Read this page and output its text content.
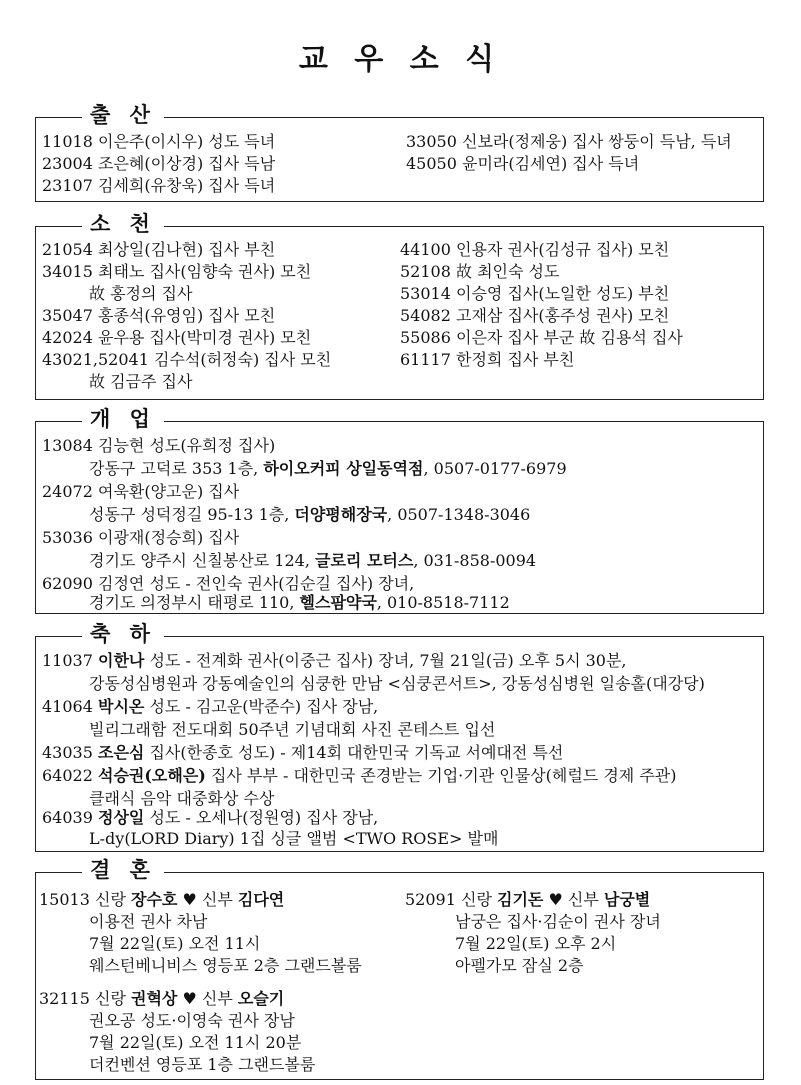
교 우 소 식
출 산
11018 이은주(이시우) 성도 득녀
23004 조은혜(이상경) 집사 득남
23107 김세희(유창욱) 집사 득녀
33050 신보라(정제웅) 집사 쌍둥이 득남, 득녀
45050 윤미라(김세연) 집사 득녀
소 천
21054 최상일(김나현) 집사 부친
34015 최태노 집사(임향숙 권사) 모친
故 홍정의 집사
35047 홍종석(유영임) 집사 모친
42024 윤우용 집사(박미경 권사) 모친
43021,52041 김수석(허정숙) 집사 모친
故 김금주 집사
44100 인용자 권사(김성규 집사) 모친
52108 故 최인숙 성도
53014 이승영 집사(노일한 성도) 부친
54082 고재삼 집사(홍주성 권사) 모친
55086 이은자 집사 부군 故 김용석 집사
61117 한정희 집사 부친
개 업
13084 김능현 성도(유희정 집사)
강동구 고덕로 353 1층, 하이오커피 상일동역점, 0507-0177-6979
24072 여욱환(양고운) 집사
성동구 성덕정길 95-13 1층, 더양평해장국, 0507-1348-3046
53036 이광재(정승희) 집사
경기도 양주시 신칠봉산로 124, 글로리 모터스, 031-858-0094
62090 김정연 성도 - 전인숙 권사(김순길 집사) 장녀,
경기도 의정부시 태평로 110, 헬스팜약국, 010-8518-7112
축 하
11037 이한나 성도 - 전계화 권사(이중근 집사) 장녀, 7월 21일(금) 오후 5시 30분,
강동성심병원과 강동예술인의 심쿵한 만남 <심쿵콘서트>, 강동성심병원 일송홀(대강당)
41064 박시온 성도 - 김고운(박준수) 집사 장남,
빌리그래함 전도대회 50주년 기념대회 사진 콘테스트 입선
43035 조은심 집사(한종호 성도) - 제14회 대한민국 기독교 서예대전 특선
64022 석승권(오해은) 집사 부부 - 대한민국 존경받는 기업·기관 인물상(헤럴드 경제 주관)
클래식 음악 대중화상 수상
64039 정상일 성도 - 오세나(정원영) 집사 장남,
L-dy(LORD Diary) 1집 싱글 앨범 <TWO ROSE> 발매
결 혼
15013 신랑 장수호 ♥ 신부 김다연
이용전 권사 차남
7월 22일(토) 오전 11시
웨스턴베니비스 영등포 2층 그랜드볼룸
52091 신랑 김기돈 ♥ 신부 남궁별
남궁은 집사·김순이 권사 장녀
7월 22일(토) 오후 2시
아펠가모 잠실 2층
32115 신랑 권혁상 ♥ 신부 오슬기
권오공 성도·이영숙 권사 장남
7월 22일(토) 오전 11시 20분
더컨벤션 영등포 1층 그랜드볼룸
